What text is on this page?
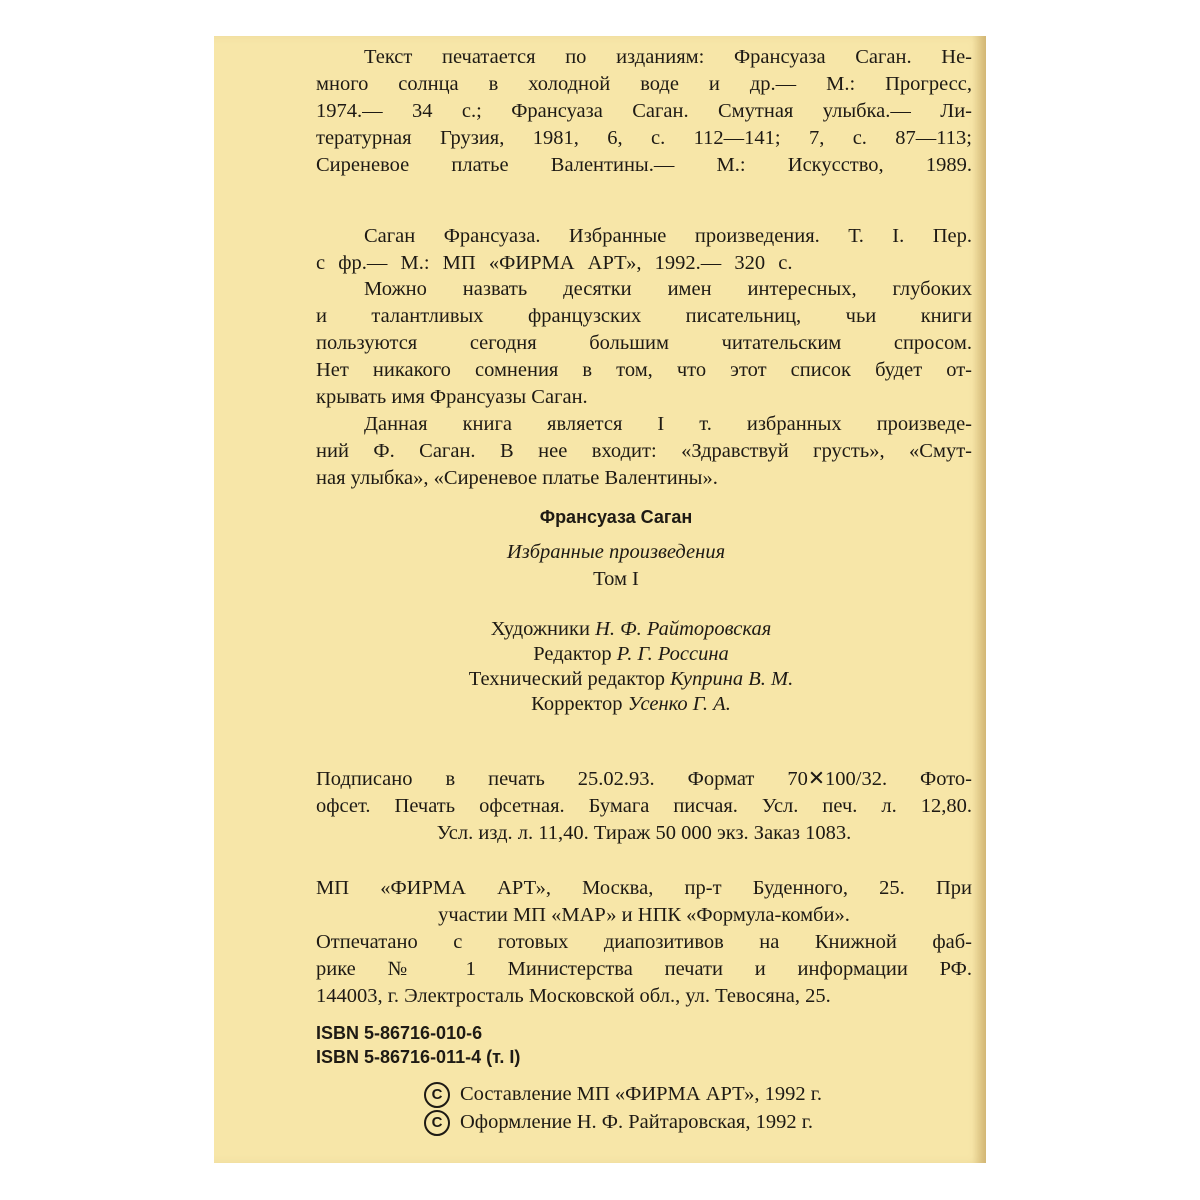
Текст печатается по изданиям: Франсуаза Саган. Не-
много солнца в холодной воде и др.— М.: Прогресс,
1974.— 34 с.; Франсуаза Саган. Смутная улыбка.— Ли-
тературная Грузия, 1981, 6, с. 112—141; 7, с. 87—113;
Сиреневое платье Валентины.— М.: Искусство, 1989.
Саган Франсуаза. Избранные произведения. Т. I. Пер.
с фр.— М.: МП «ФИРМА АРТ», 1992.— 320 с.
Можно назвать десятки имен интересных, глубоких
и талантливых французских писательниц, чьи книги
пользуются сегодня большим читательским спросом.
Нет никакого сомнения в том, что этот список будет от-
крывать имя Франсуазы Саган.
Данная книга является I т. избранных произведе-
ний Ф. Саган. В нее входит: «Здравствуй грусть», «Смут-
ная улыбка», «Сиреневое платье Валентины».
Франсуаза Саган
Избранные произведения
Том I
Художники Н. Ф. Райторовская
Редактор Р. Г. Россина
Технический редактор Куприна В. М.
Корректор Усенко Г. А.
Подписано в печать 25.02.93. Формат 70✕100/32. Фото-
офсет. Печать офсетная. Бумага писчая. Усл. печ. л. 12,80.
Усл. изд. л. 11,40. Тираж 50 000 экз. Заказ 1083.
МП «ФИРМА АРТ», Москва, пр-т Буденного, 25. При
участии МП «МАР» и НПК «Формула-комби».
Отпечатано с готовых диапозитивов на Книжной фаб-
рике № 1 Министерства печати и информации РФ.
144003, г. Электросталь Московской обл., ул. Тевосяна, 25.
ISBN 5-86716-010-6
ISBN 5-86716-011-4 (т. I)
C Составление МП «ФИРМА АРТ», 1992 г.
C Оформление Н. Ф. Райтаровская, 1992 г.
